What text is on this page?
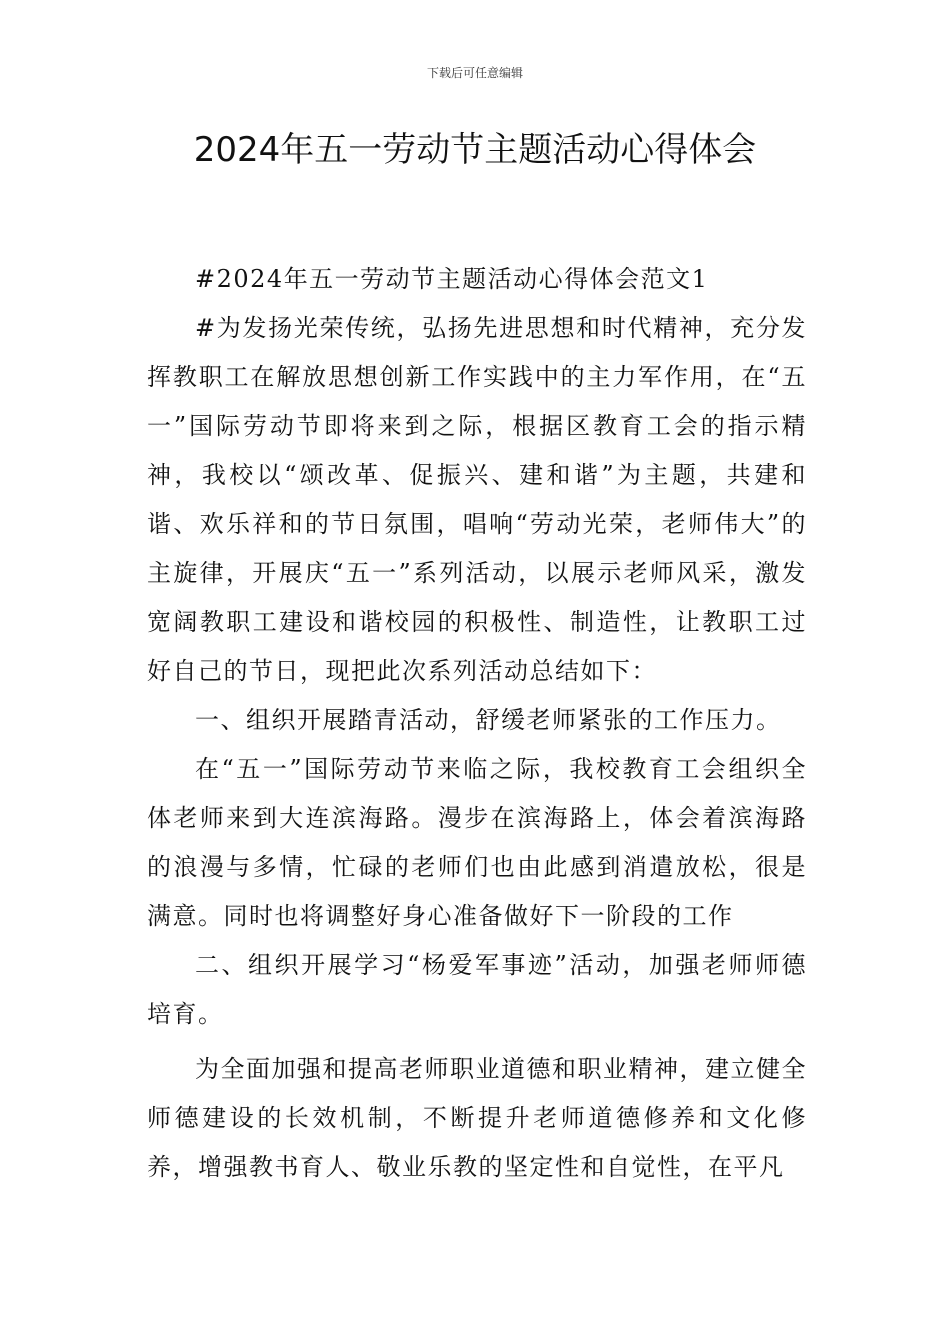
下载后可任意编辑
2024年五一劳动节主题活动心得体会

#2024年五一劳动节主题活动心得体会范文1

#为发扬光荣传统，弘扬先进思想和时代精神，充分发挥教职工在解放思想创新工作实践中的主力军作用，在“五一”国际劳动节即将来到之际，根据区教育工会的指示精神，我校以“颂改革、促振兴、建和谐”为主题，共建和谐、欢乐祥和的节日氛围，唱响“劳动光荣，老师伟大”的主旋律，开展庆“五一”系列活动，以展示老师风采，激发宽阔教职工建设和谐校园的积极性、制造性，让教职工过好自己的节日，现把此次系列活动总结如下：

一、组织开展踏青活动，舒缓老师紧张的工作压力。

在“五一”国际劳动节来临之际，我校教育工会组织全体老师来到大连滨海路。漫步在滨海路上，体会着滨海路的浪漫与多情，忙碌的老师们也由此感到消遣放松，很是满意。同时也将调整好身心准备做好下一阶段的工作

二、组织开展学习“杨爱军事迹”活动，加强老师师德培育。

为全面加强和提高老师职业道德和职业精神，建立健全师德建设的长效机制，不断提升老师道德修养和文化修养，增强教书育人、敬业乐教的坚定性和自觉性，在平凡
